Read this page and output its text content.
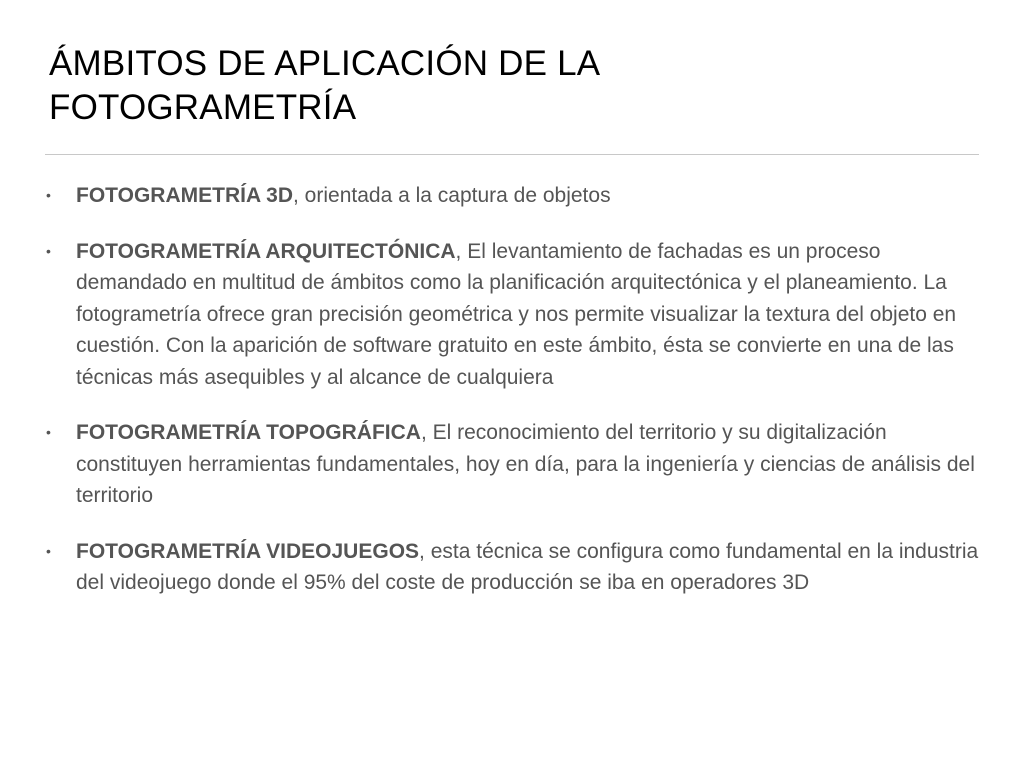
ÁMBITOS DE APLICACIÓN DE LA
FOTOGRAMETRÍA
•	FOTOGRAMETRÍA 3D, orientada a la captura de objetos
•	FOTOGRAMETRÍA ARQUITECTÓNICA, El levantamiento de fachadas es un proceso demandado en multitud de ámbitos como la planificación arquitectónica y el planeamiento. La fotogrametría ofrece gran precisión geométrica y nos permite visualizar la textura del objeto en cuestión. Con la aparición de software gratuito en este ámbito, ésta se convierte en una de las técnicas más asequibles y al alcance de cualquiera
•	FOTOGRAMETRÍA TOPOGRÁFICA, El reconocimiento del territorio y su digitalización constituyen herramientas fundamentales, hoy en día, para la ingeniería y ciencias de análisis del territorio
•	FOTOGRAMETRÍA VIDEOJUEGOS, esta técnica se configura como fundamental en la industria del videojuego donde el 95% del coste de producción se iba en operadores 3D
